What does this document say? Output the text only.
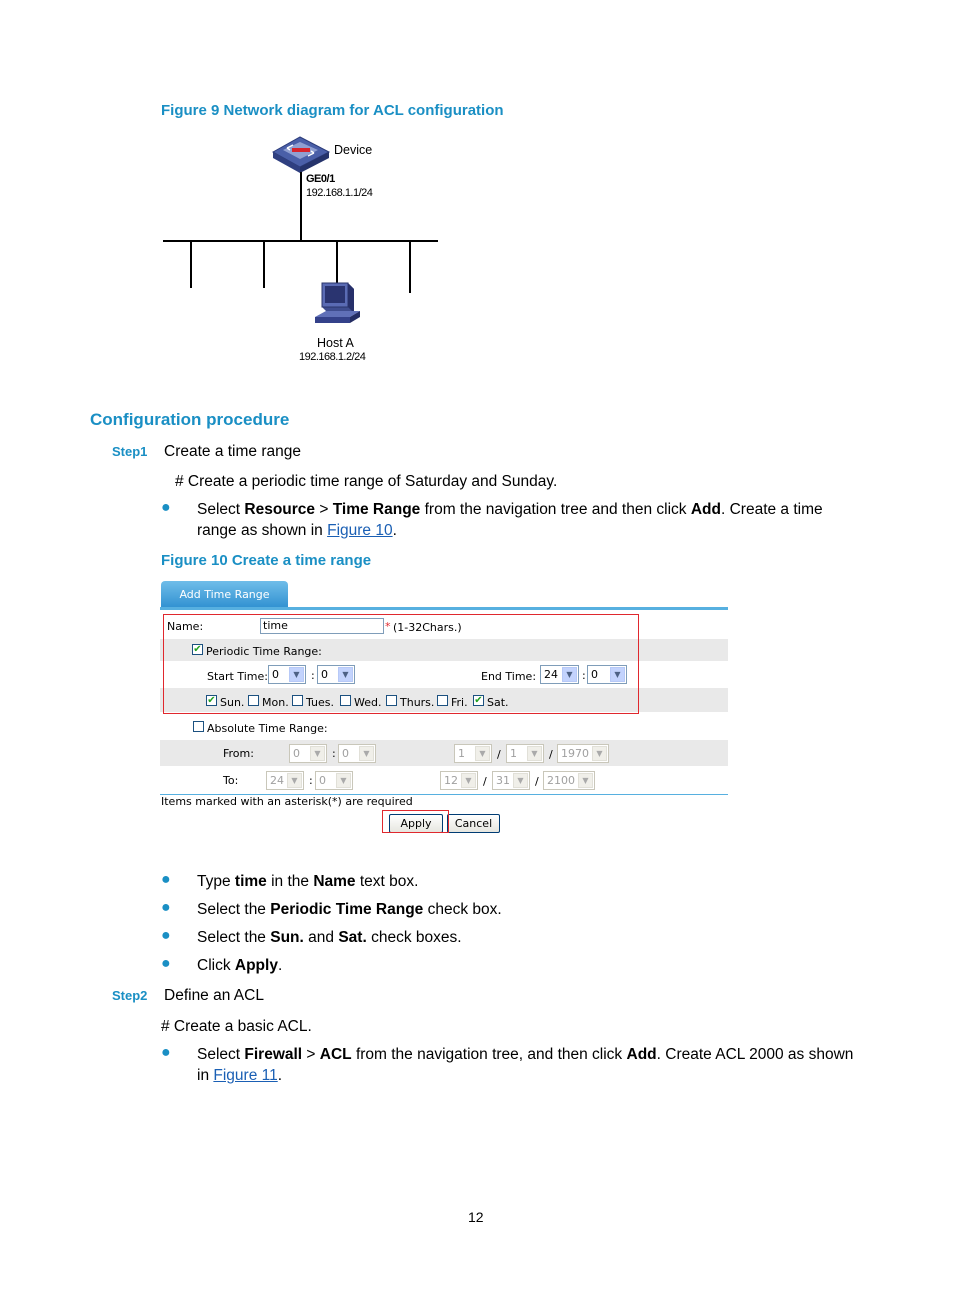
Figure 9 Network diagram for ACL configuration
Device
GE0/1
192.168.1.1/24
Host A
192.168.1.2/24
Configuration procedure
Step1 Create a time range
# Create a periodic time range of Saturday and Sunday.
● Select Resource > Time Range from the navigation tree and then click Add. Create a time
range as shown in Figure 10.
Figure 10 Create a time range
Add Time Range
Name:	time	* (1-32Chars.)
✔ Periodic Time Range:
Start Time: 0	▼	: 0	▼	End Time: 24	▼ : 0	▼
Absolute Time Range:
From:	0	▼	: 0	▼	1	▼	/ 1	▼	/ 1970 ▼
To:	24 ▼	: 0	▼	12 ▼	/ 31 ▼	/ 2100 ▼
Items marked with an asterisk(*) are required
Apply	Cancel
✔ Sun. Mon. Tues. Wed. Thurs. Fri. ✔ Sat.
● Type time in the Name text box.
● Select the Periodic Time Range check box.
● Select the Sun. and Sat. check boxes.
● Click Apply.
Step2 Define an ACL
# Create a basic ACL.
● Select Firewall > ACL from the navigation tree, and then click Add. Create ACL 2000 as shown
in Figure 11.
12
